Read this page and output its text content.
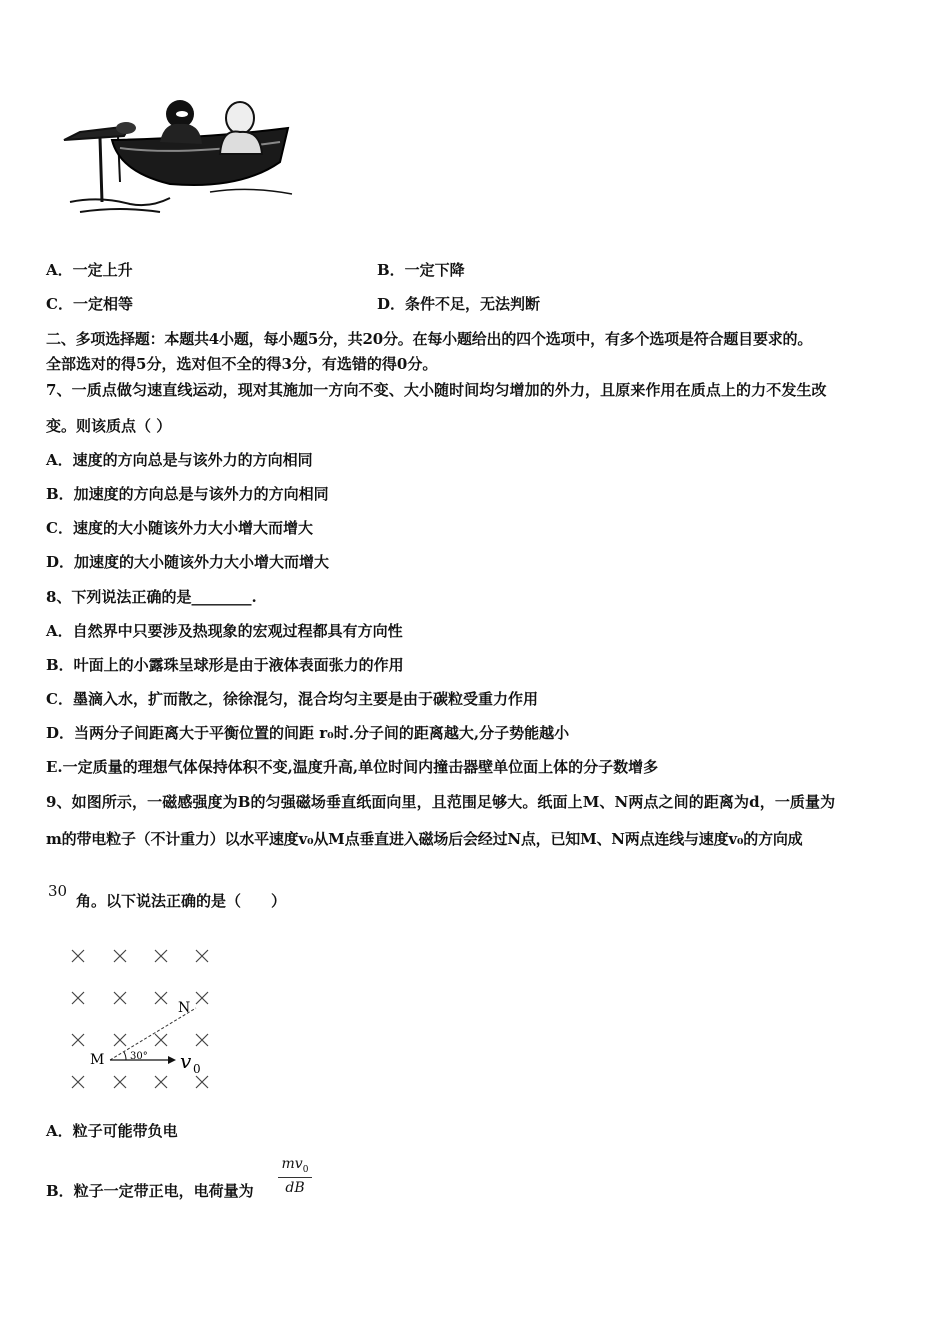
A．一定上升	B．一定下降
C．一定相等	D．条件不足，无法判断
二、多项选择题：本题共4小题，每小题5分，共20分。在每小题给出的四个选项中，有多个选项是符合题目要求的。
全部选对的得5分，选对但不全的得3分，有选错的得0分。
7、一质点做匀速直线运动，现对其施加一方向不变、大小随时间均匀增加的外力，且原来作用在质点上的力不发生改
变。则该质点（ ）
A．速度的方向总是与该外力的方向相同
B．加速度的方向总是与该外力的方向相同
C．速度的大小随该外力大小增大而增大
D．加速度的大小随该外力大小增大而增大
8、下列说法正确的是________.
A．自然界中只要涉及热现象的宏观过程都具有方向性
B．叶面上的小露珠呈球形是由于液体表面张力的作用
C．墨滴入水，扩而散之，徐徐混匀，混合均匀主要是由于碳粒受重力作用
D．当两分子间距离大于平衡位置的间距 r₀时.分子间的距离越大,分子势能越小
E.一定质量的理想气体保持体积不变,温度升高,单位时间内撞击器壁单位面上体的分子数增多
9、如图所示，一磁感强度为B的匀强磁场垂直纸面向里，且范围足够大。纸面上M、N两点之间的距离为d，一质量为
m的带电粒子（不计重力）以水平速度v₀从M点垂直进入磁场后会经过N点，已知M、N两点连线与速度v₀的方向成
30
角。以下说法正确的是（　　）
M
N
30° v 0
A．粒子可能带负电
B．粒子一定带正电，电荷量为 $\frac{mv_0}{dB}$
